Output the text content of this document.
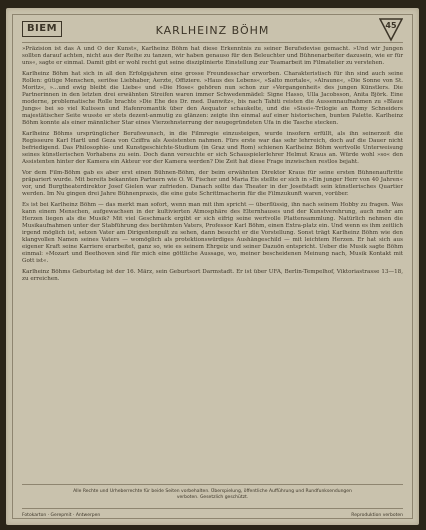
BIEM	KARLHEINZ BÖHM	45

»Präzision ist das A und O der Kunst«, Karlheinz Böhm hat diese Erkenntnis zu seiner Berufsdevise gemacht. »Und wir Jungen sollten darauf achten, nicht aus der Reihe zu tanzen, wir haben genauso für den Beleuchter und Bühnenarbeiter dazusein, wie er für uns«, sagte er einmal. Damit gibt er wohl recht gut seine disziplinierte Einstellung zur Teamarbeit im Filmatelier zu verstehen.

Karlheinz Böhm hat sich in all den Erfolgsjahren eine grosse Freundesschar erworben. Charakteristisch für ihn sind auch seine Rollen: gütige Menschen, seriöse Liebhaber, Aerzte, Offiziere. »Haus des Lebens«, »Salto mortale«, »Alraune«, »Die Sonne von St. Moritz«, »...und ewig bleibt die Liebe« und »Die Hose« gehören nun schon zur »Vergangenheit« des jungen Künstlers. Die Partnerinnen in den letzten drei erwähnten Streifen waren immer Schwedenmädel: Signe Hasso, Ulla Jacobsson, Anita Björk. Eine moderne, problematische Rolle brachte »Die Ehe des Dr. med. Danwitz«, bis nach Tahiti reisten die Aussennaufnahmen zu »Blaue Jungs« bei so viel Kulissen und Hafenromantik über den Aequator schaukelte, und die »Sissi«-Trilogie an Romy Schneiders majestätischer Seite wusste er stets dezent-anmutig zu glänzen: zeigte ihn einmal auf einer historischen, bunten Palette. Karlheinz Böhm konnte als einer männlicher Star eines Vierzehnsterrung der neugegründeten Ufa in die Tasche stecken.

Karlheinz Böhms ursprünglicher Berufswunsch, in die Filmregie einzusteigen, wurde insofern erfüllt, als ihn seinerzeit die Regisseure Karl Hartl und Geza von Cziffra als Assistenten nahmen. Fürs erste war das sehr lehrreich, doch auf die Dauer nicht befriedigend. Das Philosophie- und Kunstgeschichte-Studium (in Graz und Rom) schienen Karlheinz Böhm wertvolle Unterweisung seines künstlerischen Vorhabens zu sein. Doch dann versuchte er sich Schauspielerlehrer Helmut Kraus an. Würde wohl »so« den Assistenten hinter der Kamera ein Akteur vor der Kamera werden? Die Zeit hat diese Frage inzwischen restlos bejaht.

Vor dem Film-Böhm gab es aber erst einen Bühnen-Böhm, der beim erwähnten Direktor Kraus für seine ersten Bühnenauftritte präpariert wurde. Mit bereits bekannten Partnern wie O. W. Fischer und Maria Eis stellte er sich in »Ein junger Herr von 40 Jahren« vor, und Burgtheaterdirektor Josef Gielen war zufrieden. Danach sollte das Theater in der Josefstadt sein künstlerisches Quartier werden. Im Nu gingen drei Jahre Bühnenpraxis, die eine gute Schrittmacherin für die Filmzukunft waren, vorüber.

Es ist bei Karlheinz Böhm — das merkt man sofort, wenn man mit ihm spricht — überflüssig, ihn nach seinem Hobby zu fragen. Was kann einem Menschen, aufgewachsen in der kultivierten Atmosphäre des Elternhauses und der Kunstverehrung, auch mehr am Herzen liegen als die Musik? Mit viel Geschmack ergibt er sich eifrig seine wertvolle Plattensammlung. Natürlich nehmen die Musikaufnahmen unter der Stabführung des berühmten Vaters, Professor Karl Böhm, einen Extra-platz ein. Und wenn es ihm zeitlich irgend möglich ist, setzen Vater am Dirigentenpult zu sehen, dann besucht er die Vorstellung. Sonst trägt Karlheinz Böhm wie den klangvollen Namen seines Vaters — womöglich als protektionswürdiges Aushängeschild — mit leichtem Herzen. Er hat sich aus eigener Kraft seine Karriere erarbeitet, ganz so, wie es seinem Ehrgeiz und seiner Dazuön entspricht. Ueber die Musik sagte Böhm einmal: »Mozart und Beethoven sind für mich eine göttliche Aussage, wo, meiner bescheidenen Meinung nach, Musik Kontakt mit Gott ist«.

Karlheinz Böhms Geburtstag ist der 16. März, sein Geburtsort Darmstadt. Er ist über UFA, Berlin-Tempelhof, Viktoriastrasse 13—18, zu erreichen.

Alle Rechte und Urheberrechte für beide Seiten vorbehalten. Überspielung, öffentliche Aufführung und Rundfunksendungen verboten. Gesetzlich geschützt.
Fotokarton · Gerepmit · Antwerpen	Reproduktion verboten
